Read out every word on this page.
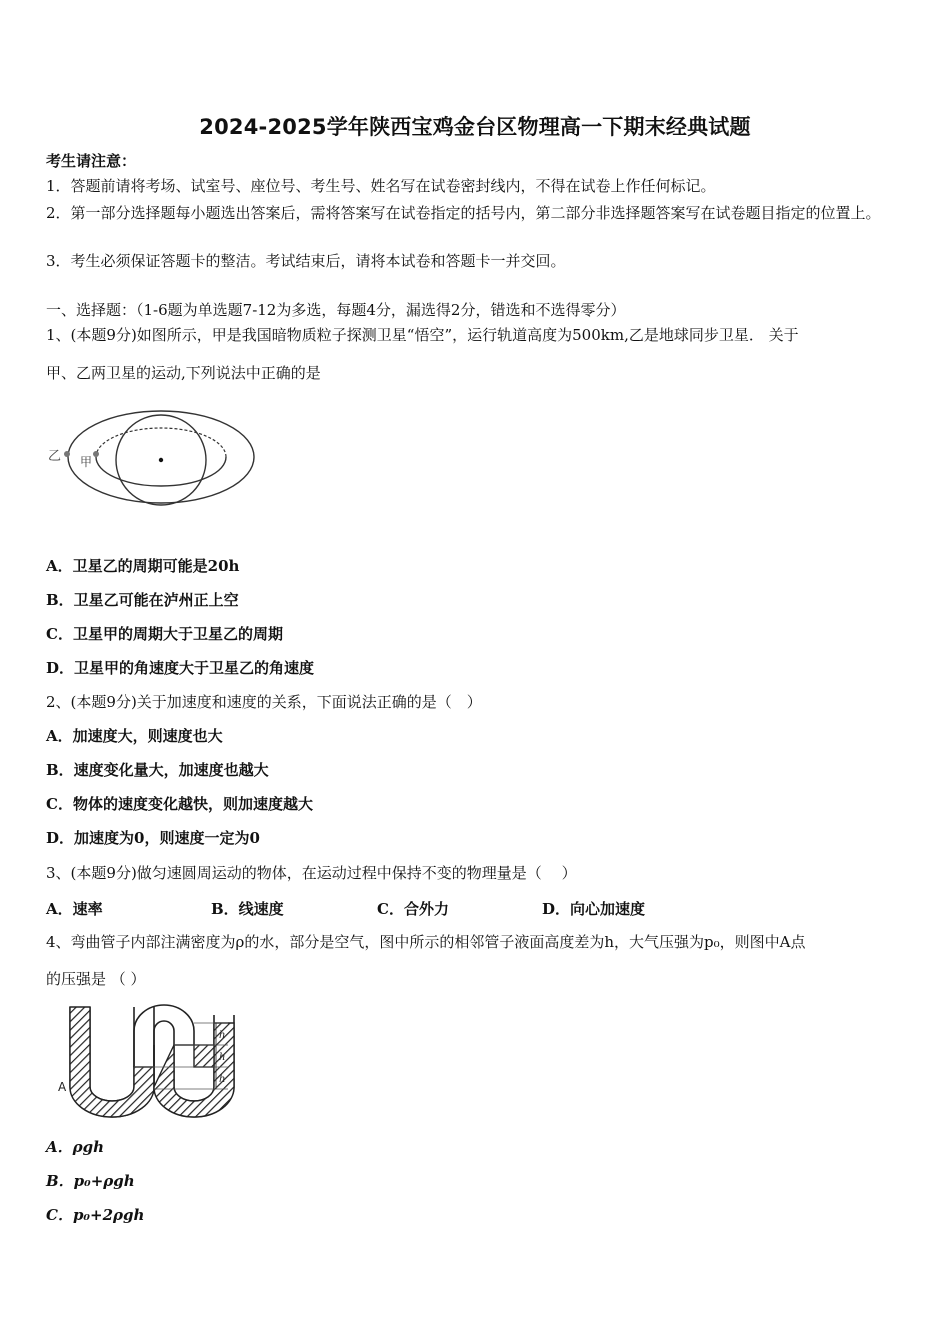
2024-2025学年陕西宝鸡金台区物理高一下期末经典试题
考生请注意：
1．答题前请将考场、试室号、座位号、考生号、姓名写在试卷密封线内，不得在试卷上作任何标记。
2．第一部分选择题每小题选出答案后，需将答案写在试卷指定的括号内，第二部分非选择题答案写在试卷题目指定的位置上。
3．考生必须保证答题卡的整洁。考试结束后，请将本试卷和答题卡一并交回。
一、选择题：（1-6题为单选题7-12为多选，每题4分，漏选得2分，错选和不选得零分）
1、(本题9分)如图所示，甲是我国暗物质粒子探测卫星“悟空”，运行轨道高度为500km,乙是地球同步卫星． 关于
甲、乙两卫星的运动,下列说法中正确的是
乙 甲
A．卫星乙的周期可能是20h
B．卫星乙可能在泸州正上空
C．卫星甲的周期大于卫星乙的周期
D．卫星甲的角速度大于卫星乙的角速度
2、(本题9分)关于加速度和速度的关系，下面说法正确的是（　）
A．加速度大，则速度也大
B．速度变化量大，加速度也越大
C．物体的速度变化越快，则加速度越大
D．加速度为0，则速度一定为0
3、(本题9分)做匀速圆周运动的物体，在运动过程中保持不变的物理量是（　 ）
A．速率	B．线速度	C．合外力	D．向心加速度
4、弯曲管子内部注满密度为ρ的水，部分是空气，图中所示的相邻管子液面高度差为h，大气压强为p₀，则图中A点
的压强是 （ ）
h
h
h
A
A．ρgh
B．p₀+ρgh
C．p₀+2ρgh
